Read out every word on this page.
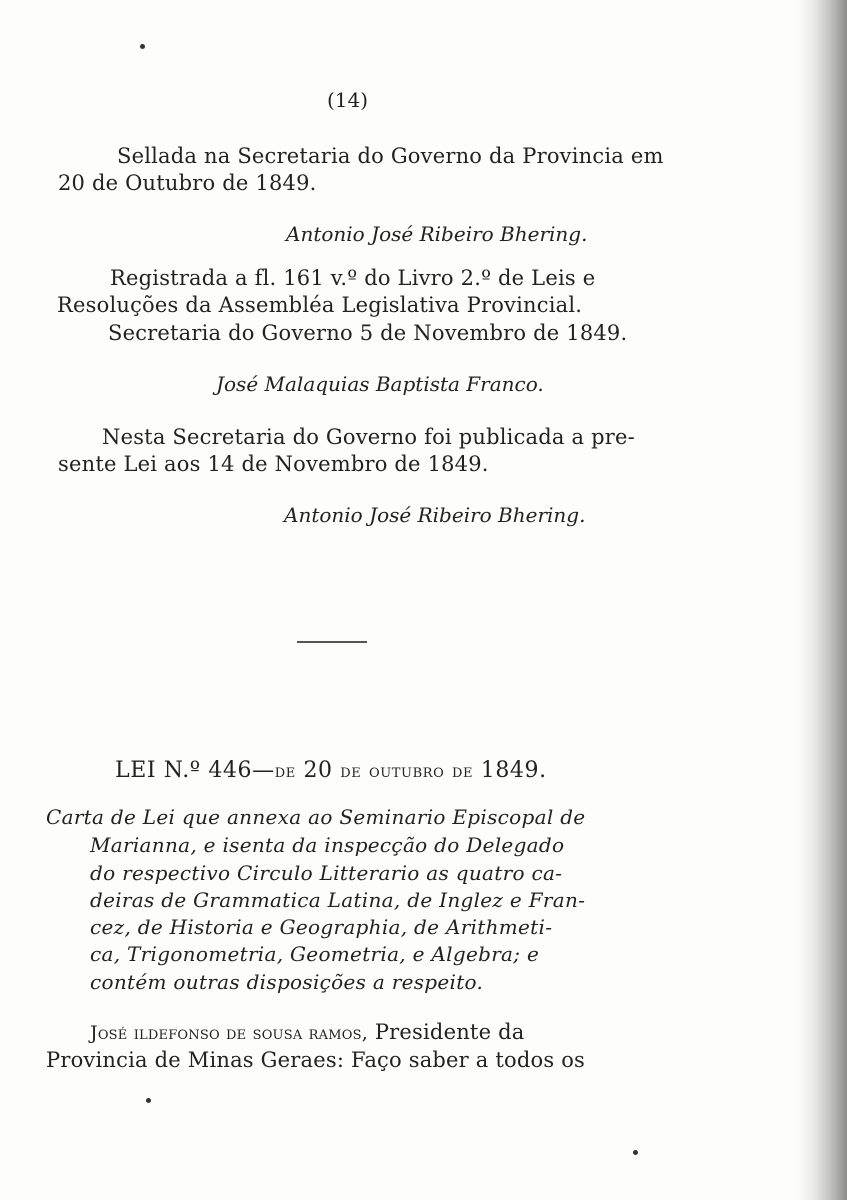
(14)
Sellada na Secretaria do Governo da Provincia em
20 de Outubro de 1849.
Antonio José Ribeiro Bhering.
Registrada a fl. 161 v.º do Livro 2.º de Leis e
Resoluções da Assembléa Legislativa Provincial.
Secretaria do Governo 5 de Novembro de 1849.
José Malaquias Baptista Franco.
Nesta Secretaria do Governo foi publicada a pre-
sente Lei aos 14 de Novembro de 1849.
Antonio José Ribeiro Bhering.
LEI N.º 446—de 20 de outubro de 1849.
Carta de Lei que annexa ao Seminario Episcopal de
Marianna, e isenta da inspecção do Delegado
do respectivo Circulo Litterario as quatro ca-
deiras de Grammatica Latina, de Inglez e Fran-
cez, de Historia e Geographia, de Arithmeti-
ca, Trigonometria, Geometria, e Algebra; e
contém outras disposições a respeito.
José ildefonso de sousa ramos, Presidente da
Provincia de Minas Geraes: Faço saber a todos os
